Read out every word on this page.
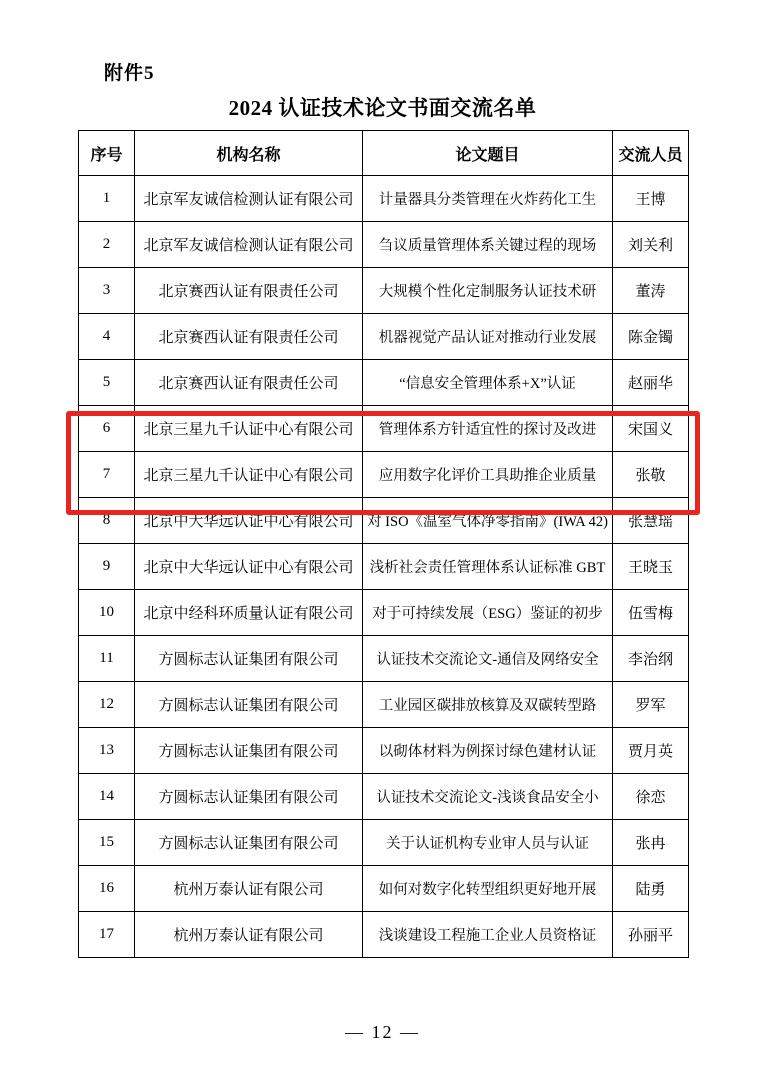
附件5
2024 认证技术论文书面交流名单
序号	机构名称	论文题目	交流人员
1	北京军友诚信检测认证有限公司	计量器具分类管理在火炸药化工生	王博
2	北京军友诚信检测认证有限公司	刍议质量管理体系关键过程的现场	刘关利
3	北京赛西认证有限责任公司	大规模个性化定制服务认证技术研	董涛
4	北京赛西认证有限责任公司	机器视觉产品认证对推动行业发展	陈金镯
5	北京赛西认证有限责任公司	“信息安全管理体系+X”认证	赵丽华
6	北京三星九千认证中心有限公司	管理体系方针适宜性的探讨及改进	宋国义
7	北京三星九千认证中心有限公司	应用数字化评价工具助推企业质量	张敬
8	北京中大华远认证中心有限公司	对 ISO《温室气体净零指南》(IWA 42)	张慧瑶
9	北京中大华远认证中心有限公司	浅析社会责任管理体系认证标准 GBT	王晓玉
10	北京中经科环质量认证有限公司	对于可持续发展（ESG）鉴证的初步	伍雪梅
11	方圆标志认证集团有限公司	认证技术交流论文-通信及网络安全	李治纲
12	方圆标志认证集团有限公司	工业园区碳排放核算及双碳转型路	罗军
13	方圆标志认证集团有限公司	以砌体材料为例探讨绿色建材认证	贾月英
14	方圆标志认证集团有限公司	认证技术交流论文-浅谈食品安全小	徐恋
15	方圆标志认证集团有限公司	关于认证机构专业审人员与认证	张冉
16	杭州万泰认证有限公司	如何对数字化转型组织更好地开展	陆勇
17	杭州万泰认证有限公司	浅谈建设工程施工企业人员资格证	孙丽平
— 12 —
